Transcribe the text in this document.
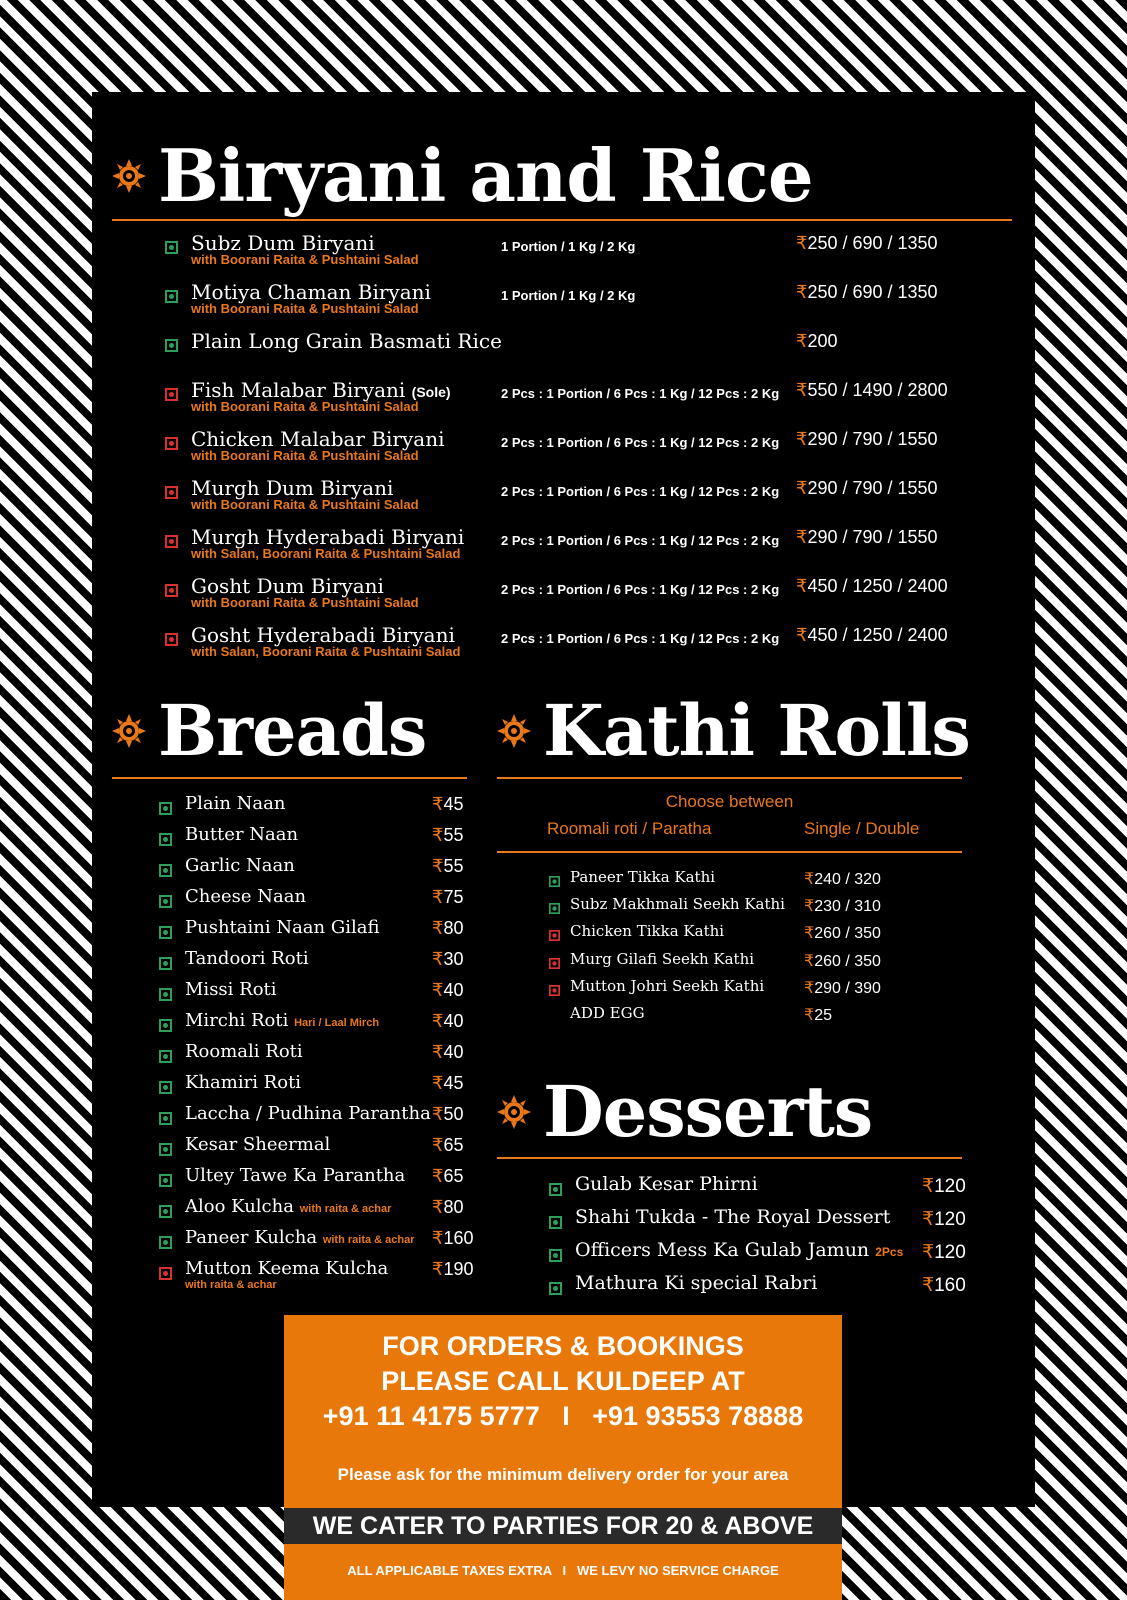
Biryani and Rice
Subz Dum Biryani
with Boorani Raita & Pushtaini Salad
1 Portion / 1 Kg / 2 Kg	₹250 / 690 / 1350
Motiya Chaman Biryani
with Boorani Raita & Pushtaini Salad
1 Portion / 1 Kg / 2 Kg	₹250 / 690 / 1350
Plain Long Grain Basmati Rice	₹200
Fish Malabar Biryani (Sole)
with Boorani Raita & Pushtaini Salad
2 Pcs : 1 Portion / 6 Pcs : 1 Kg / 12 Pcs : 2 Kg ₹550 / 1490 / 2800
Chicken Malabar Biryani
with Boorani Raita & Pushtaini Salad
2 Pcs : 1 Portion / 6 Pcs : 1 Kg / 12 Pcs : 2 Kg ₹290 / 790 / 1550
Murgh Dum Biryani
with Boorani Raita & Pushtaini Salad
2 Pcs : 1 Portion / 6 Pcs : 1 Kg / 12 Pcs : 2 Kg ₹290 / 790 / 1550
Murgh Hyderabadi Biryani
with Salan, Boorani Raita & Pushtaini Salad
2 Pcs : 1 Portion / 6 Pcs : 1 Kg / 12 Pcs : 2 Kg ₹290 / 790 / 1550
Gosht Dum Biryani
with Boorani Raita & Pushtaini Salad
2 Pcs : 1 Portion / 6 Pcs : 1 Kg / 12 Pcs : 2 Kg ₹450 / 1250 / 2400
Gosht Hyderabadi Biryani
with Salan, Boorani Raita & Pushtaini Salad
2 Pcs : 1 Portion / 6 Pcs : 1 Kg / 12 Pcs : 2 Kg ₹450 / 1250 / 2400
Breads
Plain Naan	₹45
Butter Naan	₹55
Garlic Naan	₹55
Cheese Naan	₹75
Pushtaini Naan Gilafi	₹80
Tandoori Roti	₹30
Missi Roti	₹40
Mirchi Roti Hari / Laal Mirch	₹40
Roomali Roti	₹40
Khamiri Roti	₹45
Laccha / Pudhina Parantha ₹50
Kesar Sheermal	₹65
Ultey Tawe Ka Parantha ₹65
Aloo Kulcha with raita & achar ₹80
Paneer Kulcha with raita & achar ₹160
Mutton Keema Kulcha
with raita & achar
₹190
Kathi Rolls
Choose between
Roomali roti / Paratha	Single / Double
Paneer Tikka Kathi	₹240 / 320
Subz Makhmali Seekh Kathi ₹230 / 310
Chicken Tikka Kathi	₹260 / 350
Murg Gilafi Seekh Kathi	₹260 / 350
Mutton Johri Seekh Kathi ₹290 / 390
ADD EGG	₹25
Desserts
Gulab Kesar Phirni	₹120
Shahi Tukda - The Royal Dessert ₹120
Officers Mess Ka Gulab Jamun 2Pcs ₹120
Mathura Ki special Rabri	₹160
FOR ORDERS & BOOKINGS
PLEASE CALL KULDEEP AT
+91 11 4175 5777   I   +91 93553 78888
Please ask for the minimum delivery order for your area
ALL APPLICABLE TAXES EXTRA   I   WE LEVY NO SERVICE CHARGE
WE CATER TO PARTIES FOR 20 & ABOVE
